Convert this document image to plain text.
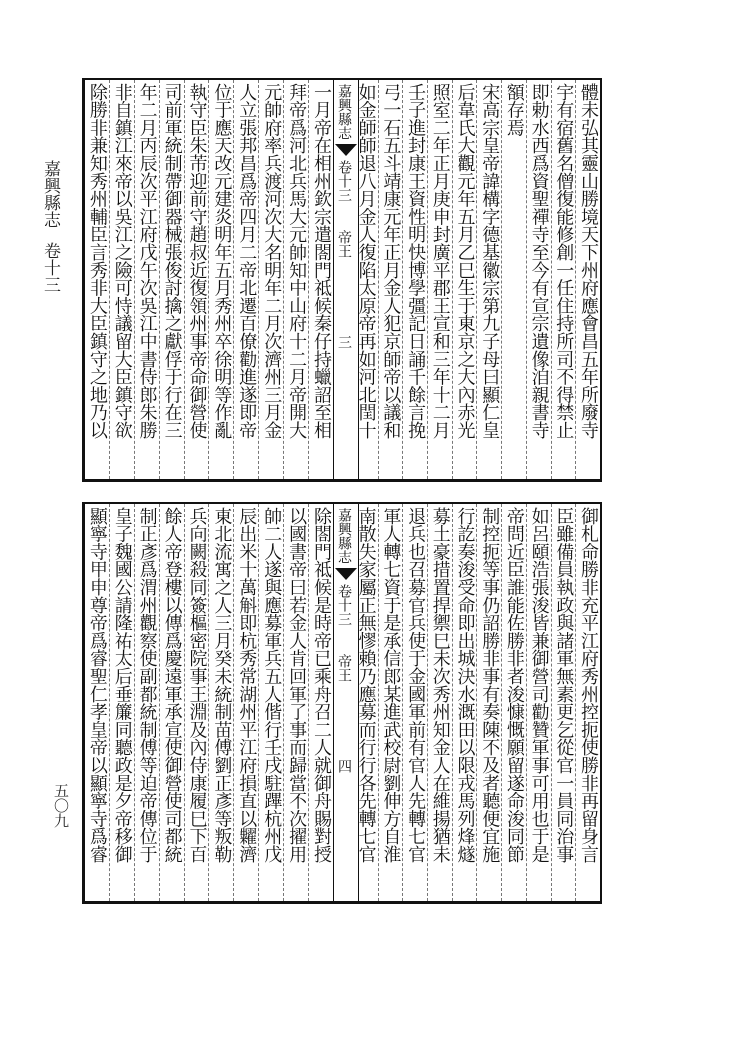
嘉興縣志
卷十三
五〇九
體未弘其靈山勝境天下州府應會昌五年所廢寺
宇有宿舊名僧復能修創一任住持所司不得禁止
即勅水西爲資聖禪寺至今有宣宗遺像洎親書寺
額存焉
宋高宗皇帝諱構字德基徽宗第九子母曰顯仁皇
后韋氏大觀元年五月乙巳生于東京之大內赤光
照室二年正月庚申封廣平郡王宣和三年十二月
壬子進封康王資性明快博學彊記日誦千餘言挽
弓一石五斗靖康元年正月金人犯京師帝以議和
如金師師退八月金人復陷太原帝再如河北閏十
嘉興縣志
卷十三
帝王
三
一月帝在相州欽宗遣閤門祗候秦仔持蠟詔至相
拜帝爲河北兵馬大元帥知中山府十二月帝開大
元帥府率兵渡河次大名明年二月次濟州三月金
人立張邦昌爲帝四月二帝北遷百僚勸進遂即帝
位于應天改元建炎明年五月秀州卒徐明等作亂
執守臣朱芾迎前守趙叔近復領州事帝命御營使
司前軍統制帶御器械張俊討擒之獻俘于行在三
年二月丙辰次平江府戊午次吳江中書侍郎朱勝
非自鎮江來帝以吳江之險可恃議留大臣鎮守欲
除勝非兼知秀州輔臣言秀非大臣鎮守之地乃以
御札命勝非充平江府秀州控扼使勝非再留身言
臣雖備員執政與諸軍無素更乞從官一員同治事
如呂頤浩張浚皆兼御營司勸贊軍事可用也于是
帝問近臣誰能佐勝非者浚慷慨願留遂命浚同節
制控扼等事仍詔勝非事有奏陳不及者聽便宜施
行訖奏浚受命即出城決水溉田以限戎馬列烽燧
募土豪措置捍禦巳未次秀州知金人在維揚猶未
退兵也召募官兵使于金國軍前有官人先轉七官
軍人轉七資于是承信郎某進武校尉劉伸方自淮
南散失家屬正無憀賴乃應募而行行各先轉七官
嘉興縣志
卷十三
帝王
四
除閤門祗候是時帝已乘舟召二人就御舟賜對授
以國書帝曰若金人肯回軍了事而歸當不次擢用
帥二人遂與應募軍兵五人偕行壬戌駐蹕杭州戊
辰出米十萬斛即杭秀常湖州平江府損直以糶濟
東北流寓之人三月癸未統制苗傅劉正彥等叛勒
兵向闕殺同簽樞密院事王淵及內侍康履巳下百
餘人帝登樓以傳爲慶遠軍承宣使御營使司都統
制正彥爲渭州觀察使副都統制傅等迫帝傳位于
皇子魏國公請隆祐太后垂簾同聽政是夕帝移御
顯寧寺甲申尊帝爲睿聖仁孝皇帝以顯寧寺爲睿
